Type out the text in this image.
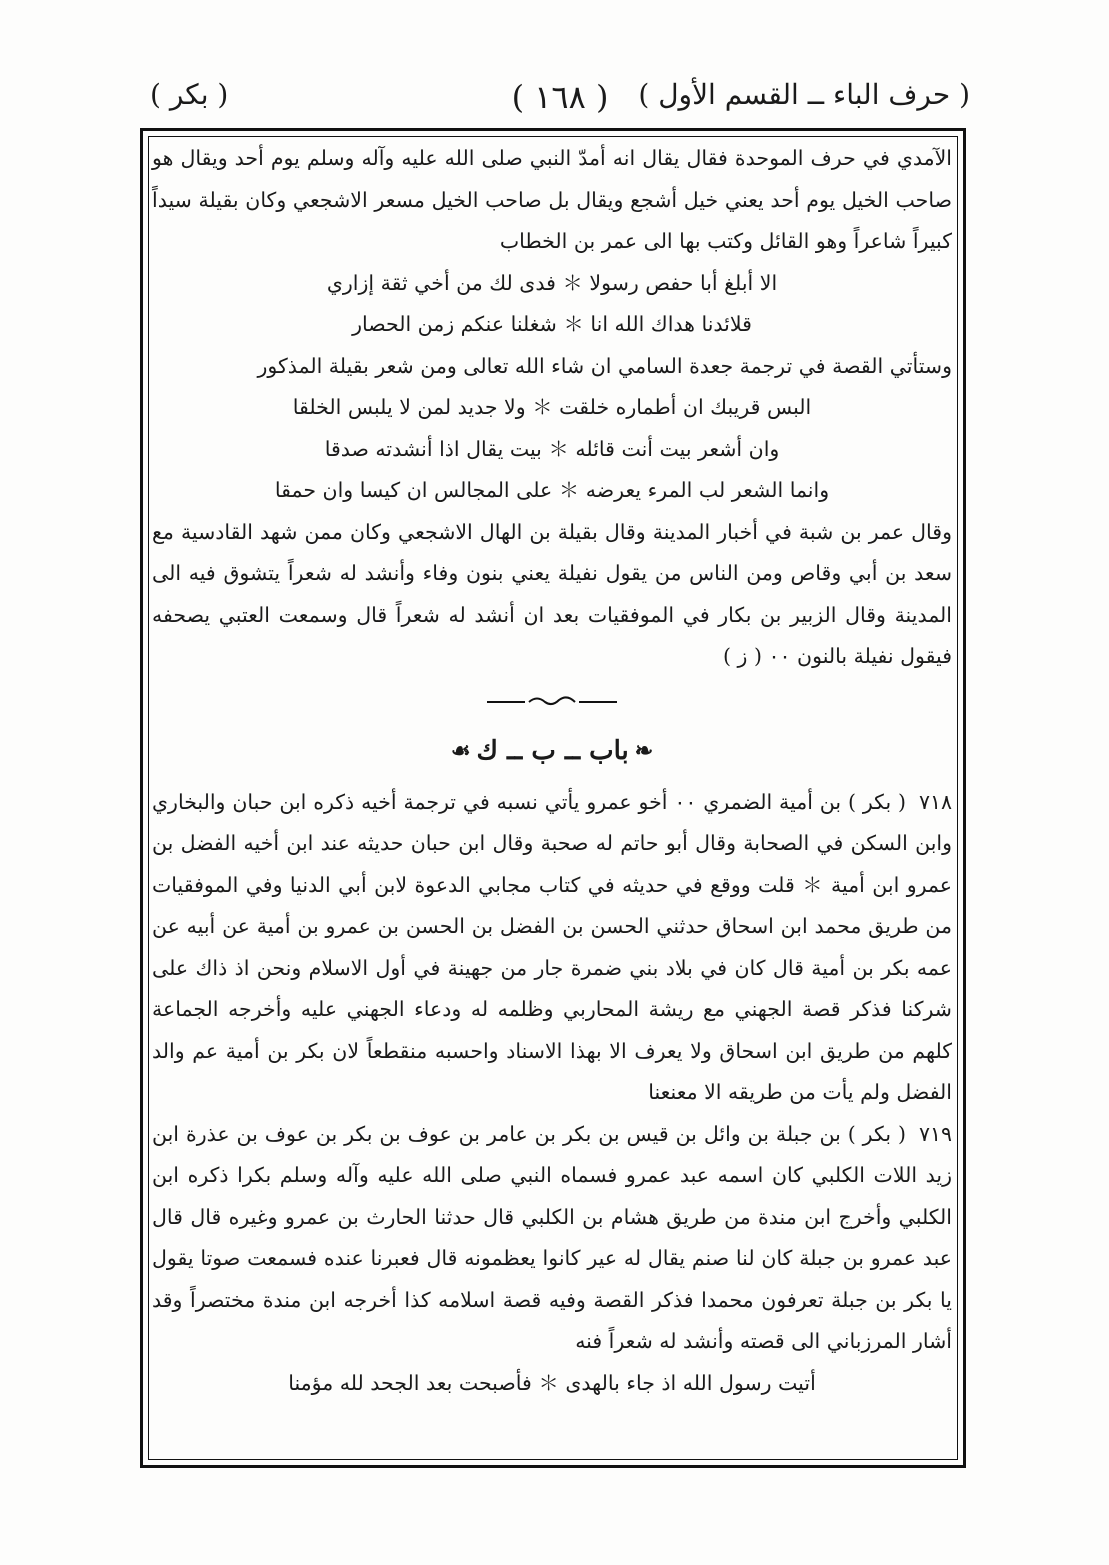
( حرف الباء ــ القسم الأول )
( ١٦٨ )
( بكر )

الآمدي في حرف الموحدة فقال يقال انه أمدّ النبي صلى الله عليه وآله وسلم يوم أحد ويقال هو صاحب الخيل يوم أحد يعني خيل أشجع ويقال بل صاحب الخيل مسعر الاشجعي وكان بقيلة سيداً كبيراً شاعراً وهو القائل وكتب بها الى عمر بن الخطاب

الا أبلغ أبا حفص رسولا ＊ فدى لك من أخي ثقة إزاري

قلائدنا هداك الله انا ＊ شغلنا عنكم زمن الحصار

وستأتي القصة في ترجمة جعدة السامي ان شاء الله تعالى ومن شعر بقيلة المذكور

البس قريبك ان أطماره خلقت ＊ ولا جديد لمن لا يلبس الخلقا

وان أشعر بيت أنت قائله ＊ بيت يقال اذا أنشدته صدقا

وانما الشعر لب المرء يعرضه ＊ على المجالس ان كيسا وان حمقا

وقال عمر بن شبة في أخبار المدينة وقال بقيلة بن الهال الاشجعي وكان ممن شهد القادسية مع سعد بن أبي وقاص ومن الناس من يقول نفيلة يعني بنون وفاء وأنشد له شعراً يتشوق فيه الى المدينة وقال الزبير بن بكار في الموفقيات بعد ان أنشد له شعراً قال وسمعت العتبي يصحفه فيقول نفيلة بالنون ٠٠ ( ز )

❧
باب ــ ب ــ ك
☙

٧١٨ ( بكر ) بن أمية الضمري ٠٠ أخو عمرو يأتي نسبه في ترجمة أخيه ذكره ابن حبان والبخاري وابن السكن في الصحابة وقال أبو حاتم له صحبة وقال ابن حبان حديثه عند ابن أخيه الفضل بن عمرو ابن أمية ＊ قلت ووقع في حديثه في كتاب مجابي الدعوة لابن أبي الدنيا وفي الموفقيات من طريق محمد ابن اسحاق حدثني الحسن بن الفضل بن الحسن بن عمرو بن أمية عن أبيه عن عمه بكر بن أمية قال كان في بلاد بني ضمرة جار من جهينة في أول الاسلام ونحن اذ ذاك على شركنا فذكر قصة الجهني مع ريشة المحاربي وظلمه له ودعاء الجهني عليه وأخرجه الجماعة كلهم من طريق ابن اسحاق ولا يعرف الا بهذا الاسناد واحسبه منقطعاً لان بكر بن أمية عم والد الفضل ولم يأت من طريقه الا معنعنا

٧١٩ ( بكر ) بن جبلة بن وائل بن قيس بن بكر بن عامر بن عوف بن بكر بن عوف بن عذرة ابن زيد اللات الكلبي كان اسمه عبد عمرو فسماه النبي صلى الله عليه وآله وسلم بكرا ذكره ابن الكلبي وأخرج ابن مندة من طريق هشام بن الكلبي قال حدثنا الحارث بن عمرو وغيره قال قال عبد عمرو بن جبلة كان لنا صنم يقال له عير كانوا يعظمونه قال فعبرنا عنده فسمعت صوتا يقول يا بكر بن جبلة تعرفون محمدا فذكر القصة وفيه قصة اسلامه كذا أخرجه ابن مندة مختصراً وقد أشار المرزباني الى قصته وأنشد له شعراً فنه

أتيت رسول الله اذ جاء بالهدى ＊ فأصبحت بعد الجحد لله مؤمنا
